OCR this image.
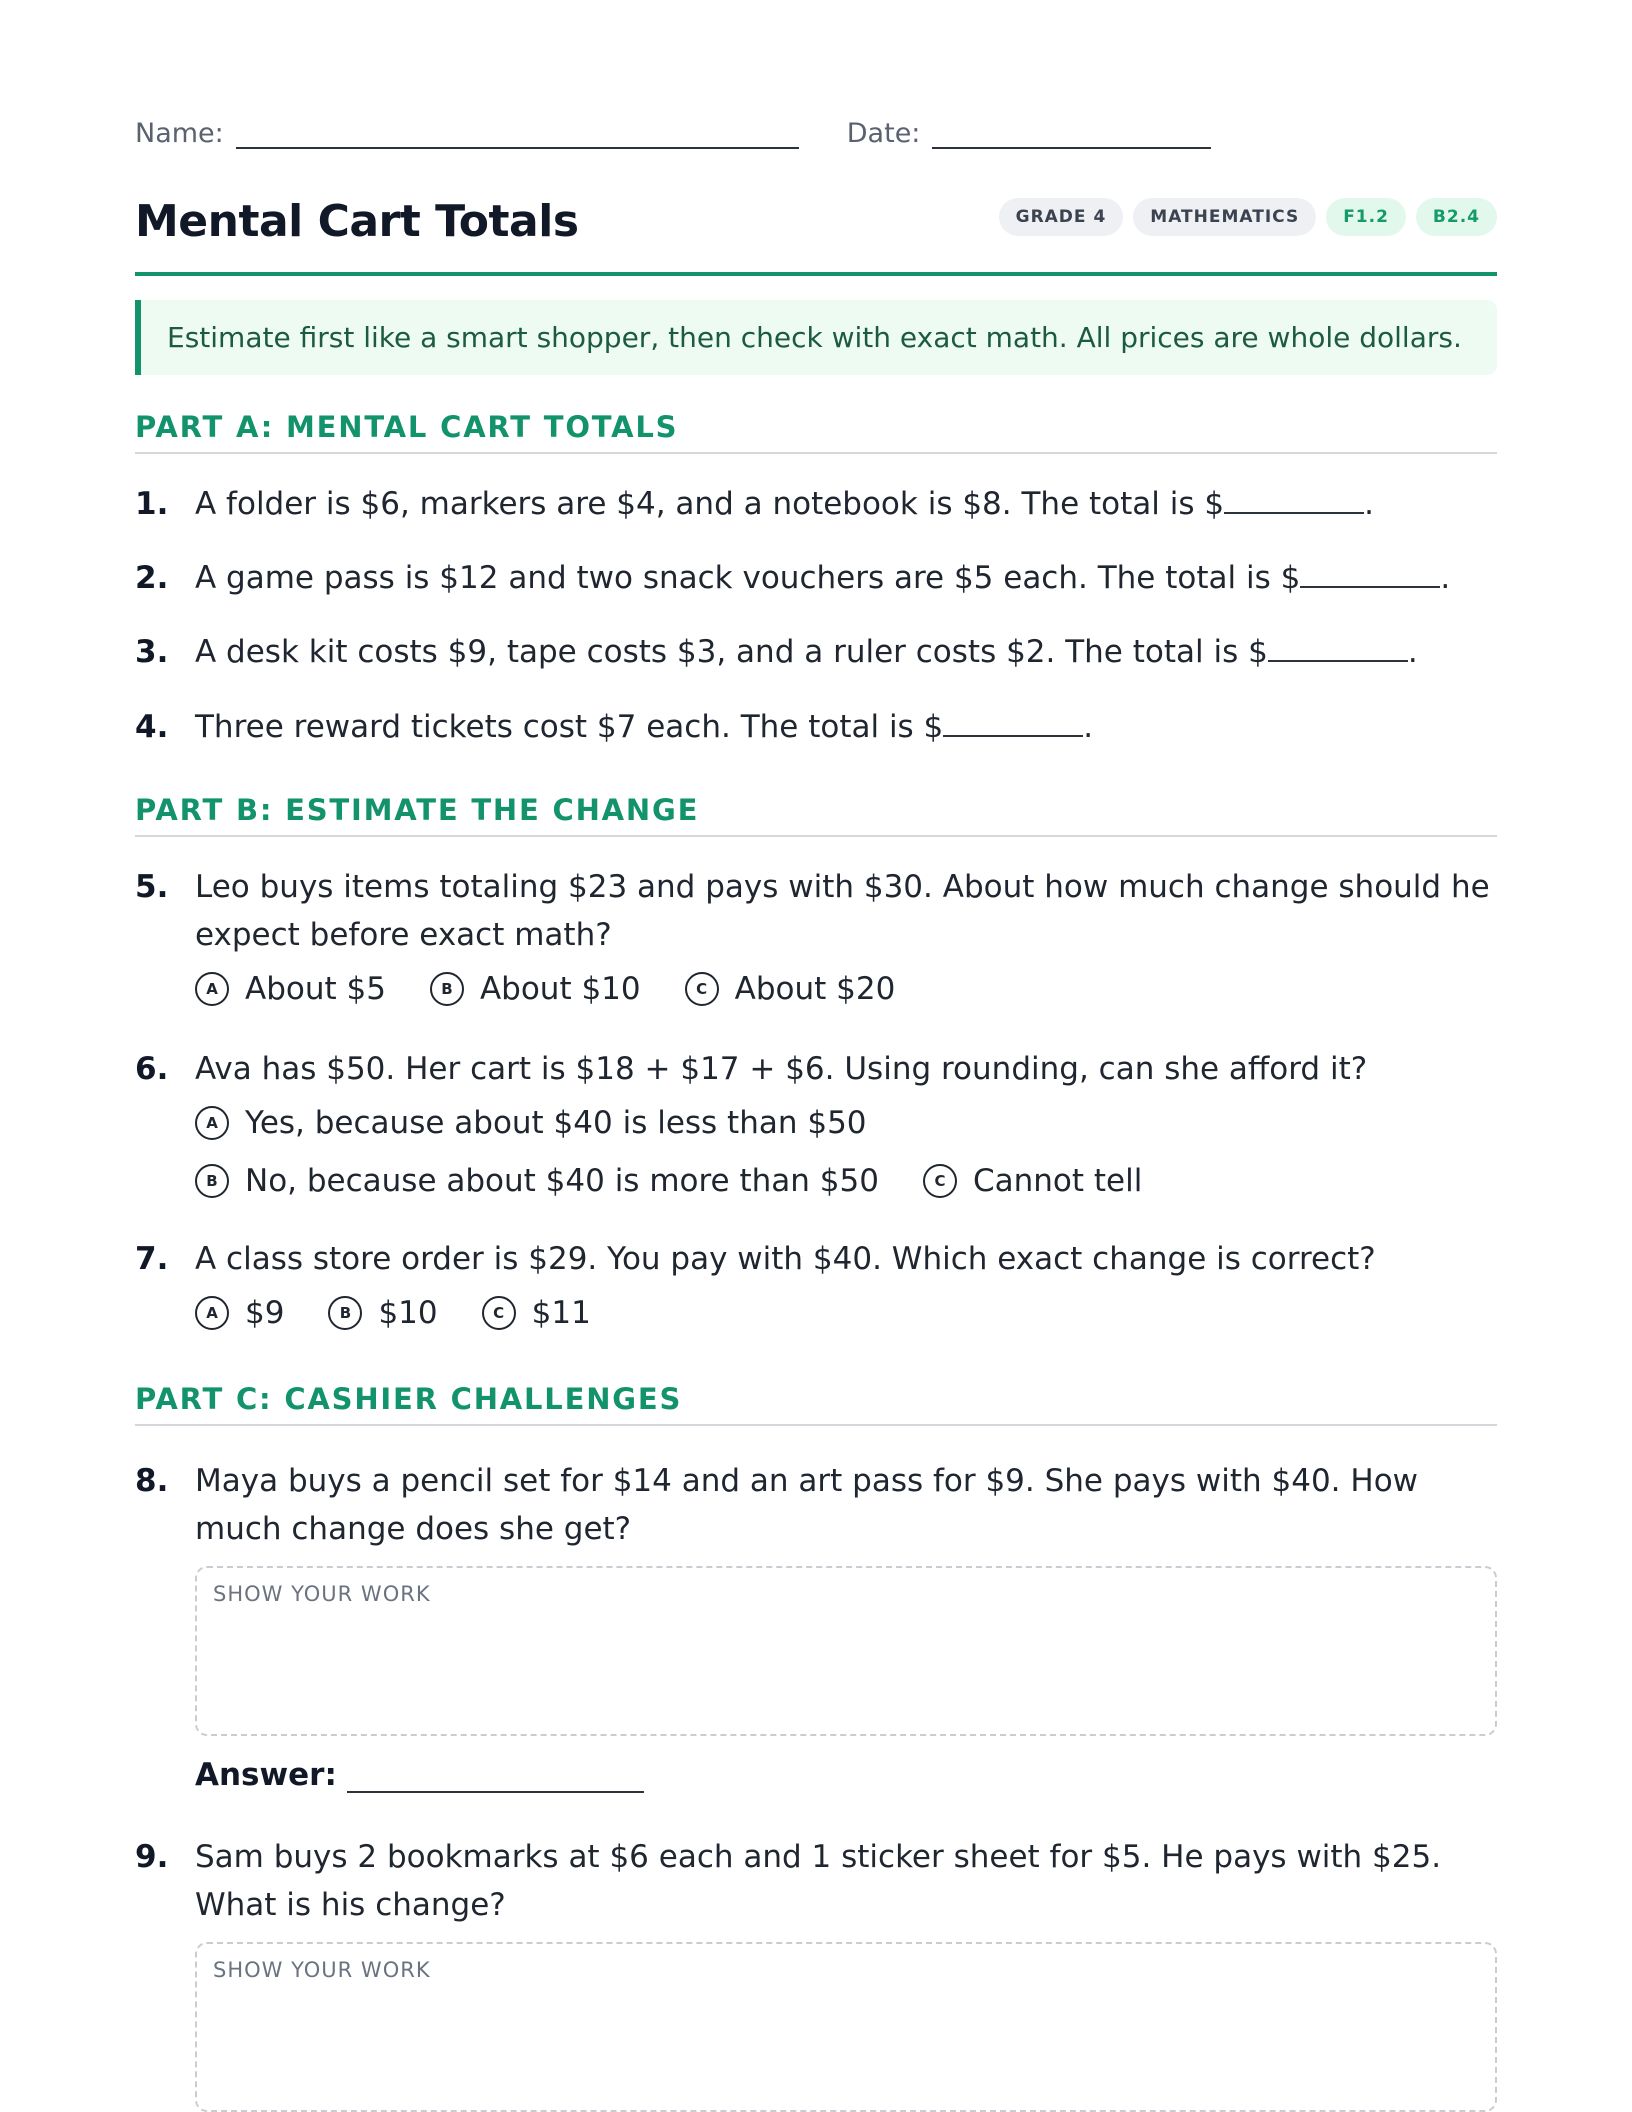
Name:	Date:
Mental Cart Totals	GRADE 4	MATHEMATICS	F1.2	B2.4
Estimate first like a smart shopper, then check with exact math. All prices are whole dollars.
PART A: MENTAL CART TOTALS
1. A folder is $6, markers are $4, and a notebook is $8. The total is $	.
2. A game pass is $12 and two snack vouchers are $5 each. The total is $	.
3. A desk kit costs $9, tape costs $3, and a ruler costs $2. The total is $	.
4. Three reward tickets cost $7 each. The total is $	.
PART B: ESTIMATE THE CHANGE
5. Leo buys items totaling $23 and pays with $30. About how much change should he expect before exact math?
A About $5	B About $10	C About $20
6. Ava has $50. Her cart is $18 + $17 + $6. Using rounding, can she afford it?
A Yes, because about $40 is less than $50
B No, because about $40 is more than $50	C Cannot tell
7. A class store order is $29. You pay with $40. Which exact change is correct?
A $9	B $10	C $11
PART C: CASHIER CHALLENGES
8. Maya buys a pencil set for $14 and an art pass for $9. She pays with $40. How much change does she get?
SHOW YOUR WORK
Answer:
9. Sam buys 2 bookmarks at $6 each and 1 sticker sheet for $5. He pays with $25. What is his change?
SHOW YOUR WORK
